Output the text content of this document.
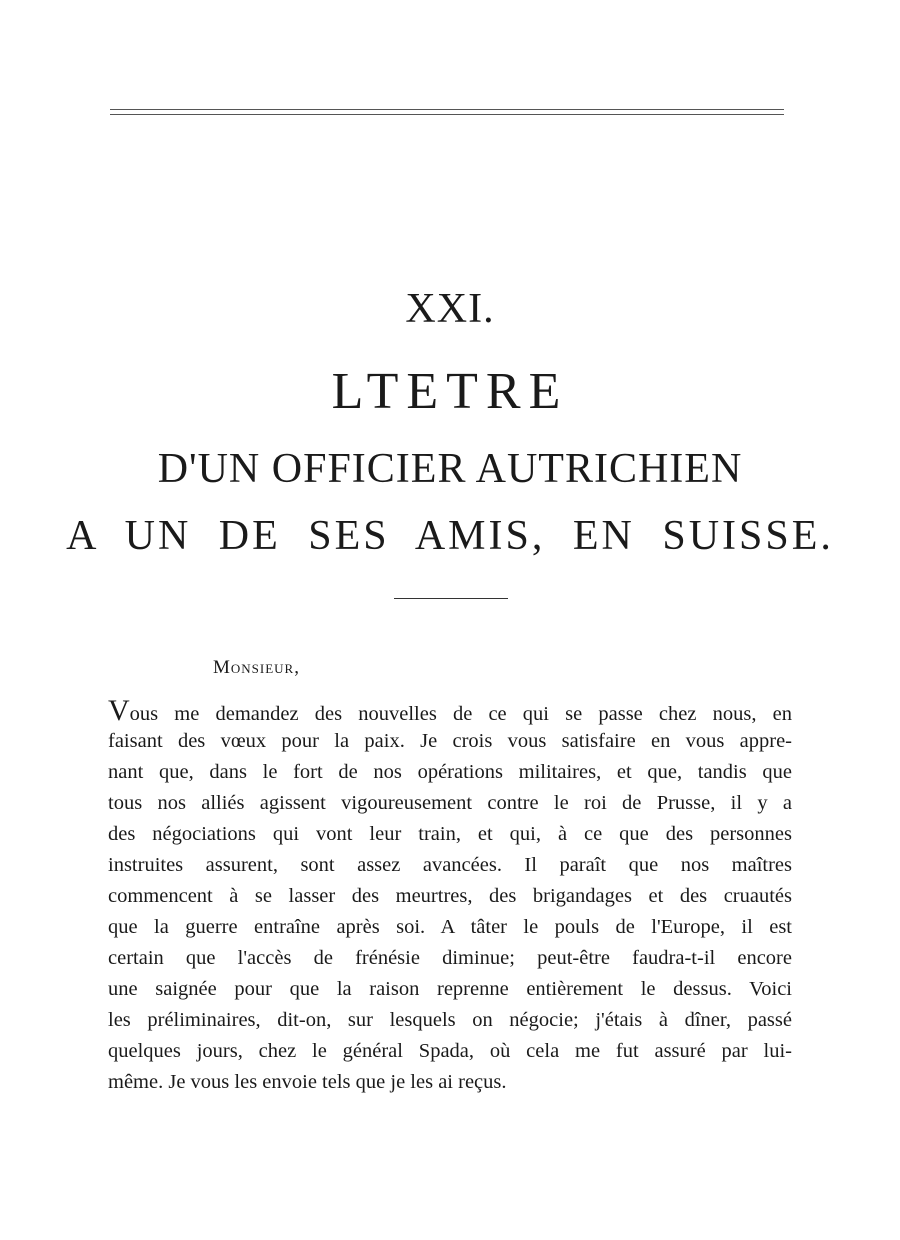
XXI.
LTETRE
D'UN OFFICIER AUTRICHIEN
A UN DE SES AMIS, EN SUISSE.
Monsieur,
Vous me demandez des nouvelles de ce qui se passe chez nous, en
faisant des vœux pour la paix. Je crois vous satisfaire en vous appre-
nant que, dans le fort de nos opérations militaires, et que, tandis que
tous nos alliés agissent vigoureusement contre le roi de Prusse, il y a
des négociations qui vont leur train, et qui, à ce que des personnes
instruites assurent, sont assez avancées. Il paraît que nos maîtres
commencent à se lasser des meurtres, des brigandages et des cruautés
que la guerre entraîne après soi. A tâter le pouls de l'Europe, il est
certain que l'accès de frénésie diminue; peut-être faudra-t-il encore
une saignée pour que la raison reprenne entièrement le dessus. Voici
les préliminaires, dit-on, sur lesquels on négocie; j'étais à dîner, passé
quelques jours, chez le général Spada, où cela me fut assuré par lui-
même. Je vous les envoie tels que je les ai reçus.
